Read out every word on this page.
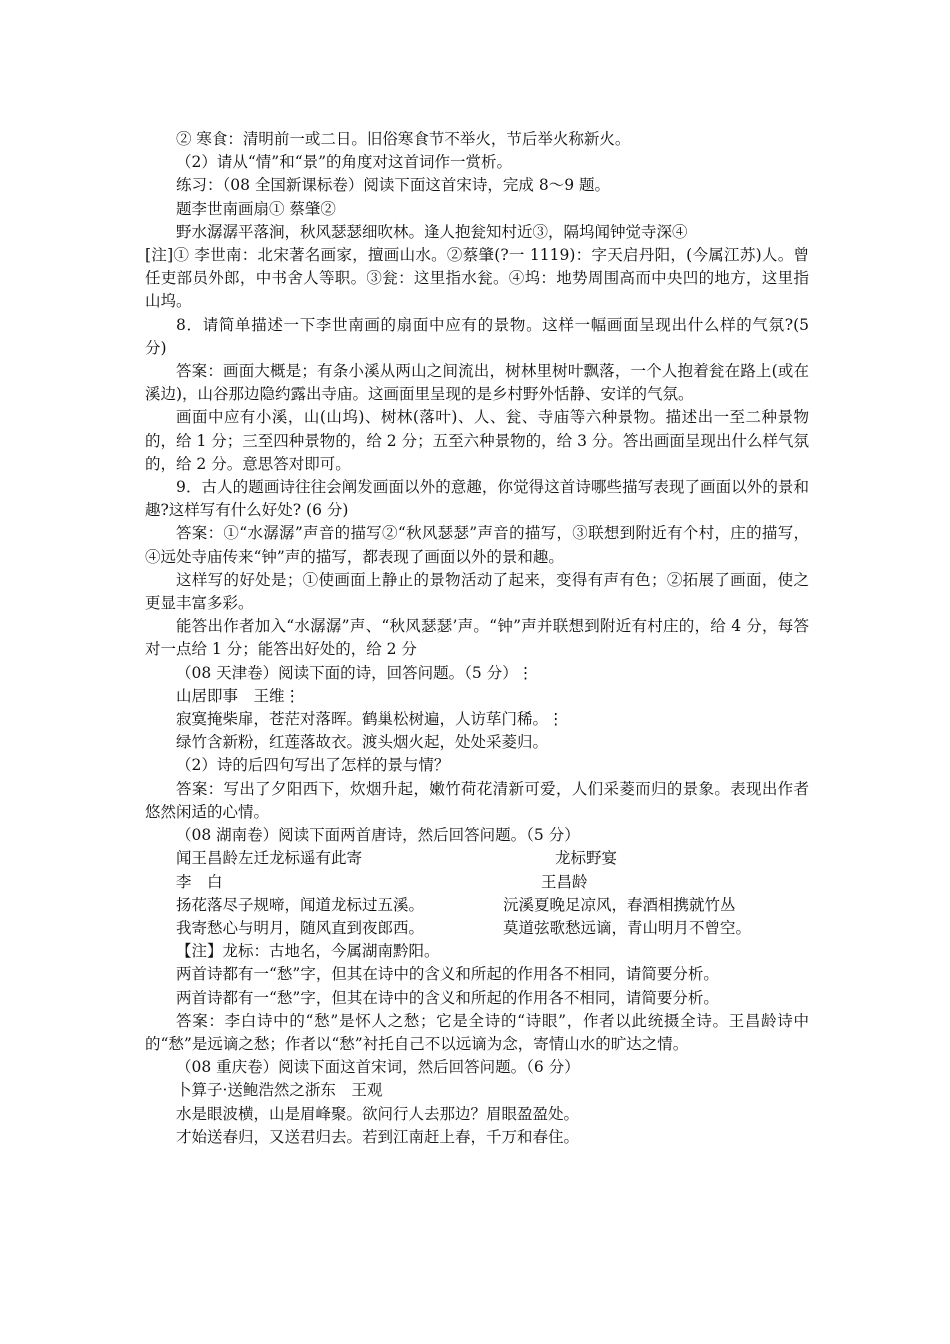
② 寒食：清明前一或二日。旧俗寒食节不举火，节后举火称新火。

（2）请从“情”和“景”的角度对这首词作一赏析。

练习：（08 全国新课标卷）阅读下面这首宋诗，完成 8～9 题。

题李世南画扇① 蔡肇②

野水潺潺平落涧，秋风瑟瑟细吹林。逢人抱瓮知村近③，隔坞闻钟觉寺深④

[注]① 李世南：北宋著名画家，擅画山水。②蔡肇(?一 1119)：字天启丹阳，(今属江苏)人。曾任吏部员外郎，中书舍人等职。③瓮：这里指水瓮。④坞：地势周围高而中央凹的地方，这里指山坞。

8．请简单描述一下李世南画的扇面中应有的景物。这样一幅画面呈现出什么样的气氛?(5 分)

答案：画面大概是；有条小溪从两山之间流出，树林里树叶飘落，一个人抱着瓮在路上(或在溪边)，山谷那边隐约露出寺庙。这画面里呈现的是乡村野外恬静、安详的气氛。

画面中应有小溪，山(山坞)、树林(落叶)、人、瓮、寺庙等六种景物。描述出一至二种景物的，给 1 分；三至四种景物的，给 2 分；五至六种景物的，给 3 分。答出画面呈现出什么样气氛的，给 2 分。意思答对即可。

9．古人的题画诗往往会阐发画面以外的意趣，你觉得这首诗哪些描写表现了画面以外的景和趣?这样写有什么好处? (6 分)

答案：①“水潺潺”声音的描写②“秋风瑟瑟”声音的描写，③联想到附近有个村，庄的描写，④远处寺庙传来“钟”声的描写，都表现了画面以外的景和趣。

这样写的好处是；①使画面上静止的景物活动了起来，变得有声有色；②拓展了画面，使之更显丰富多彩。

能答出作者加入“水潺潺”声、“秋风瑟瑟’声。“钟”声并联想到附近有村庄的，给 4 分，每答对一点给 1 分；能答出好处的，给 2 分

（08 天津卷）阅读下面的诗，回答问题。（5 分）⋮

山居即事　王维⋮

寂寞掩柴扉，苍茫对落晖。鹤巢松树遍，人访荜门稀。⋮

绿竹含新粉，红莲落故衣。渡头烟火起，处处采菱归。

（2）诗的后四句写出了怎样的景与情？

答案：写出了夕阳西下，炊烟升起，嫩竹荷花清新可爱，人们采菱而归的景象。表现出作者悠然闲适的心情。

（08 湖南卷）阅读下面两首唐诗，然后回答问题。（5 分）

闻王昌龄左迁龙标遥有此寄	龙标野宴
李　白	王昌龄
扬花落尽子规啼，闻道龙标过五溪。	沅溪夏晚足凉风，春酒相携就竹丛
我寄愁心与明月，随风直到夜郎西。	莫道弦歌愁远谪，青山明月不曾空。

【注】龙标：古地名，今属湖南黔阳。

两首诗都有一“愁”字，但其在诗中的含义和所起的作用各不相同，请简要分析。

两首诗都有一“愁”字，但其在诗中的含义和所起的作用各不相同，请简要分析。

答案：李白诗中的“愁”是怀人之愁；它是全诗的“诗眼”，作者以此统摄全诗。王昌龄诗中的“愁”是远谪之愁；作者以“愁”衬托自己不以远谪为念，寄情山水的旷达之情。

（08 重庆卷）阅读下面这首宋词，然后回答问题。（6 分）

卜算子·送鲍浩然之浙东　王观

水是眼波横，山是眉峰聚。欲问行人去那边？眉眼盈盈处。

才始送春归，又送君归去。若到江南赶上春，千万和春住。
